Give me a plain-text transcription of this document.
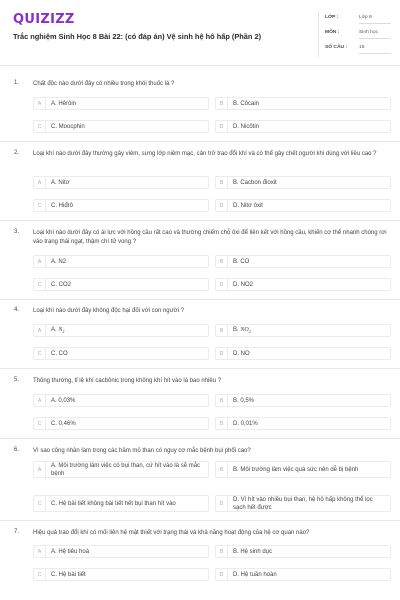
QUIZIZZ
Trắc nghiệm Sinh Học 8 Bài 22: (có đáp án) Vệ sinh hệ hô hấp (Phần 2)
LỚP :	Lớp 8
MÔN :	Sinh học
SỐ CÂU : 15
1. Chất độc nào dưới đây có nhiều trong khói thuốc lá ?
A	A. Hêrôin	B	B. Côcain
C	C. Moocphin	D	D. Nicôtin
2. Loại khí nào dưới đây thường gây viêm, sưng lớp niêm mạc, cản trở trao đổi khí và có thể gây chết người khi dùng với liều cao ?
A	A. Nitơ	B	B. Cacbon đioxit
C	C. Hiđrô	D	D. Nitơ ôxit
3. Loại khí nào dưới đây có ái lực với hồng cầu rất cao và thường chiếm chỗ ôxi để liên kết với hồng cầu, khiến cơ thể nhanh chóng rơi vào trạng thái ngạt, thậm chí tử vong ?
A	A. N2	B	B. CO
C	C. CO2	D	D. NO2
4. Loại khí nào dưới đây không độc hại đối với con người ?
A	A. $N_2$	B	B. $NO_2$
C	C. CO	D	D. NO
5. Thông thường, tỉ lệ khí cacbônic trong không khí hít vào là bao nhiêu ?
A	A. 0,03%	B	B. 0,5%
C	C. 0,46%	D	D. 0,01%
6. Vì sao công nhân làm trong các hầm mỏ than có nguy cơ mắc bệnh bụi phổi cao?
A
A. Môi trường làm việc có bụi than, cứ hít vào là sẽ mắc bệnh
B	B. Môi trường làm việc quá sức nên dễ bị bệnh
C	C. Hệ bài tiết không bài tiết hết bụi than hít vào	D
D. Vì hít vào nhiều bụi than, hệ hô hấp không thể lọc sạch hết được
7. Hiệu quả trao đổi khí có mối liên hệ mật thiết với trạng thái và khả năng hoạt động của hệ cơ quan nào?
A	A. Hệ tiêu hoá	B	B. Hệ sinh dục
C	C. Hệ bài tiết	D	D. Hệ tuần hoàn
